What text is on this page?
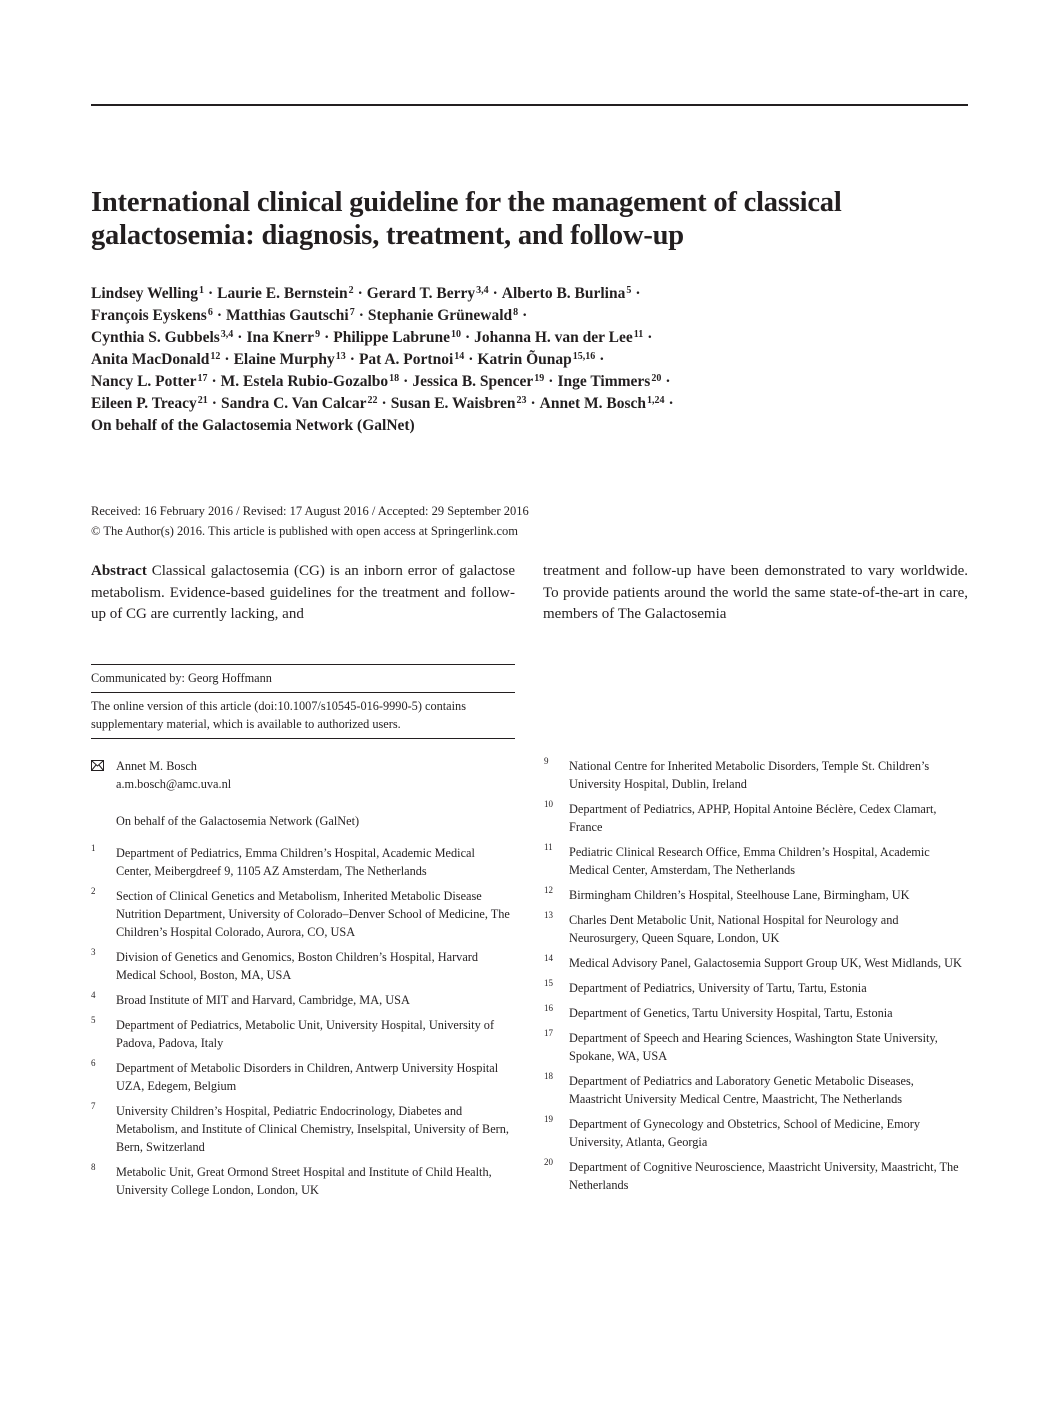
International clinical guideline for the management of classical galactosemia: diagnosis, treatment, and follow-up
Lindsey Welling$^1$ · Laurie E. Bernstein$^2$ · Gerard T. Berry$^{3,4}$ · Alberto B. Burlina$^5$ ·
François Eyskens$^6$ · Matthias Gautschi$^7$ · Stephanie Grünewald$^8$ ·
Cynthia S. Gubbels$^{3,4}$ · Ina Knerr$^9$ · Philippe Labrune$^{10}$ · Johanna H. van der Lee$^{11}$ ·
Anita MacDonald$^{12}$ · Elaine Murphy$^{13}$ · Pat A. Portnoi$^{14}$ · Katrin Õunap$^{15,16}$ ·
Nancy L. Potter$^{17}$ · M. Estela Rubio-Gozalbo$^{18}$ · Jessica B. Spencer$^{19}$ · Inge Timmers$^{20}$ ·
Eileen P. Treacy$^{21}$ · Sandra C. Van Calcar$^{22}$ · Susan E. Waisbren$^{23}$ · Annet M. Bosch$^{1,24}$ ·
On behalf of the Galactosemia Network (GalNet)
Received: 16 February 2016 / Revised: 17 August 2016 / Accepted: 29 September 2016
© The Author(s) 2016. This article is published with open access at Springerlink.com
Abstract Classical galactosemia (CG) is an inborn error of galactose metabolism. Evidence-based guidelines for the treatment and follow-up of CG are currently lacking, and
treatment and follow-up have been demonstrated to vary worldwide. To provide patients around the world the same state-of-the-art in care, members of The Galactosemia
Communicated by: Georg Hoffmann
The online version of this article (doi:10.1007/s10545-016-9990-5) contains supplementary material, which is available to authorized users.
Annet M. Bosch
a.m.bosch@amc.uva.nl
On behalf of the Galactosemia Network (GalNet)
1 Department of Pediatrics, Emma Children’s Hospital, Academic Medical Center, Meibergdreef 9, 1105 AZ Amsterdam, The Netherlands
2 Section of Clinical Genetics and Metabolism, Inherited Metabolic Disease Nutrition Department, University of Colorado–Denver School of Medicine, The Children’s Hospital Colorado, Aurora, CO, USA
3 Division of Genetics and Genomics, Boston Children’s Hospital, Harvard Medical School, Boston, MA, USA
4 Broad Institute of MIT and Harvard, Cambridge, MA, USA
5 Department of Pediatrics, Metabolic Unit, University Hospital, University of Padova, Padova, Italy
6 Department of Metabolic Disorders in Children, Antwerp University Hospital UZA, Edegem, Belgium
7 University Children’s Hospital, Pediatric Endocrinology, Diabetes and Metabolism, and Institute of Clinical Chemistry, Inselspital, University of Bern, Bern, Switzerland
8 Metabolic Unit, Great Ormond Street Hospital and Institute of Child Health, University College London, London, UK
9 National Centre for Inherited Metabolic Disorders, Temple St. Children’s University Hospital, Dublin, Ireland
10 Department of Pediatrics, APHP, Hopital Antoine Béclère, Cedex Clamart, France
11 Pediatric Clinical Research Office, Emma Children’s Hospital, Academic Medical Center, Amsterdam, The Netherlands
12 Birmingham Children’s Hospital, Steelhouse Lane, Birmingham, UK
13 Charles Dent Metabolic Unit, National Hospital for Neurology and Neurosurgery, Queen Square, London, UK
14 Medical Advisory Panel, Galactosemia Support Group UK, West Midlands, UK
15 Department of Pediatrics, University of Tartu, Tartu, Estonia
16 Department of Genetics, Tartu University Hospital, Tartu, Estonia
17 Department of Speech and Hearing Sciences, Washington State University, Spokane, WA, USA
18 Department of Pediatrics and Laboratory Genetic Metabolic Diseases, Maastricht University Medical Centre, Maastricht, The Netherlands
19 Department of Gynecology and Obstetrics, School of Medicine, Emory University, Atlanta, Georgia
20 Department of Cognitive Neuroscience, Maastricht University, Maastricht, The Netherlands
